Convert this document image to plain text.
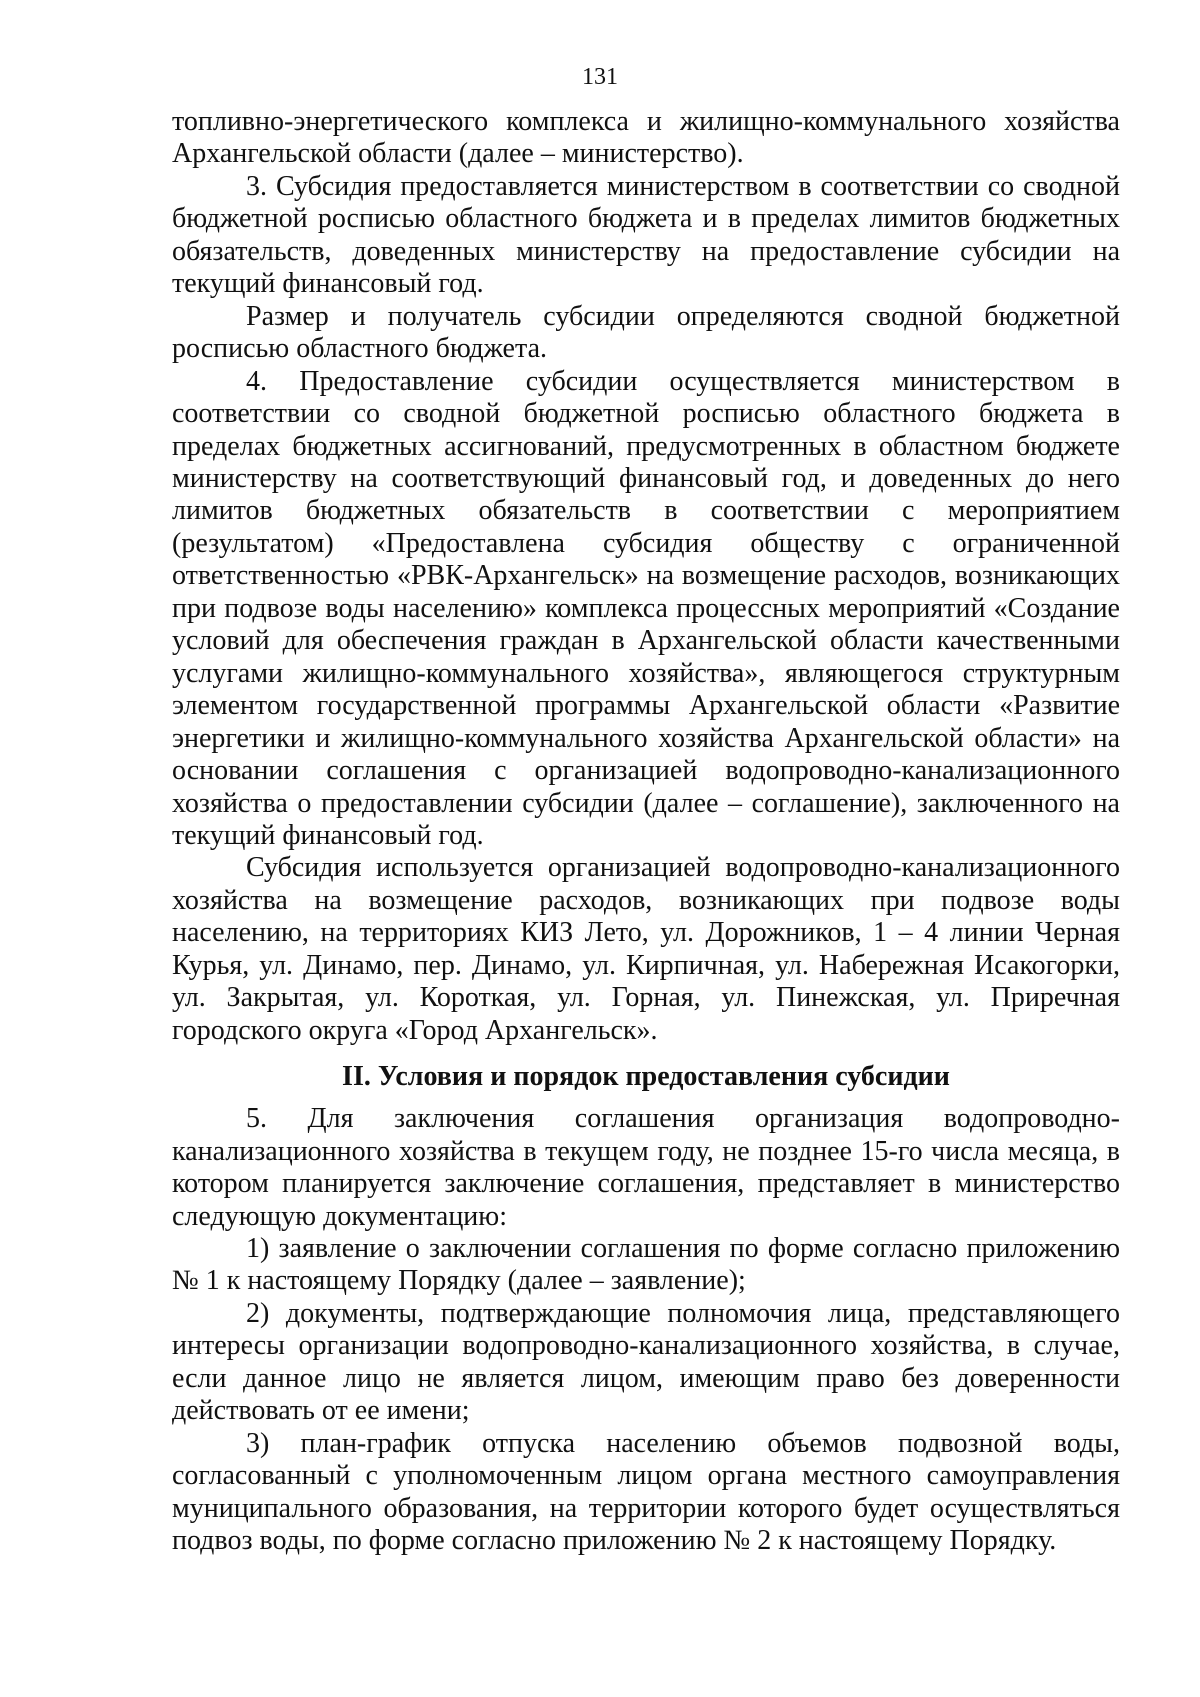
131

топливно-энергетического комплекса и жилищно-коммунального хозяйства Архангельской области (далее – министерство).

3. Субсидия предоставляется министерством в соответствии со сводной бюджетной росписью областного бюджета и в пределах лимитов бюджетных обязательств, доведенных министерству на предоставление субсидии на текущий финансовый год.

Размер и получатель субсидии определяются сводной бюджетной росписью областного бюджета.

4. Предоставление субсидии осуществляется министерством в соответствии со сводной бюджетной росписью областного бюджета в пределах бюджетных ассигнований, предусмотренных в областном бюджете министерству на соответствующий финансовый год, и доведенных до него лимитов бюджетных обязательств в соответствии с мероприятием (результатом) «Предоставлена субсидия обществу с ограниченной ответственностью «РВК-Архангельск» на возмещение расходов, возникающих при подвозе воды населению» комплекса процессных мероприятий «Создание условий для обеспечения граждан в Архангельской области качественными услугами жилищно-коммунального хозяйства», являющегося структурным элементом государственной программы Архангельской области «Развитие энергетики и жилищно-коммунального хозяйства Архангельской области» на основании соглашения с организацией водопроводно-канализационного хозяйства о предоставлении субсидии (далее – соглашение), заключенного на текущий финансовый год.

Субсидия используется организацией водопроводно-канализационного хозяйства на возмещение расходов, возникающих при подвозе воды населению, на территориях КИЗ Лето, ул. Дорожников, 1 – 4 линии Черная Курья, ул. Динамо, пер. Динамо, ул. Кирпичная, ул. Набережная Исакогорки, ул. Закрытая, ул. Короткая, ул. Горная, ул. Пинежская, ул. Приречная городского округа «Город Архангельск».

II. Условия и порядок предоставления субсидии

5. Для заключения соглашения организация водопроводно-канализационного хозяйства в текущем году, не позднее 15-го числа месяца, в котором планируется заключение соглашения, представляет в министерство следующую документацию:

1) заявление о заключении соглашения по форме согласно приложению № 1 к настоящему Порядку (далее – заявление);

2) документы, подтверждающие полномочия лица, представляющего интересы организации водопроводно-канализационного хозяйства, в случае, если данное лицо не является лицом, имеющим право без доверенности действовать от ее имени;

3) план-график отпуска населению объемов подвозной воды, согласованный с уполномоченным лицом органа местного самоуправления муниципального образования, на территории которого будет осуществляться подвоз воды, по форме согласно приложению № 2 к настоящему Порядку.
